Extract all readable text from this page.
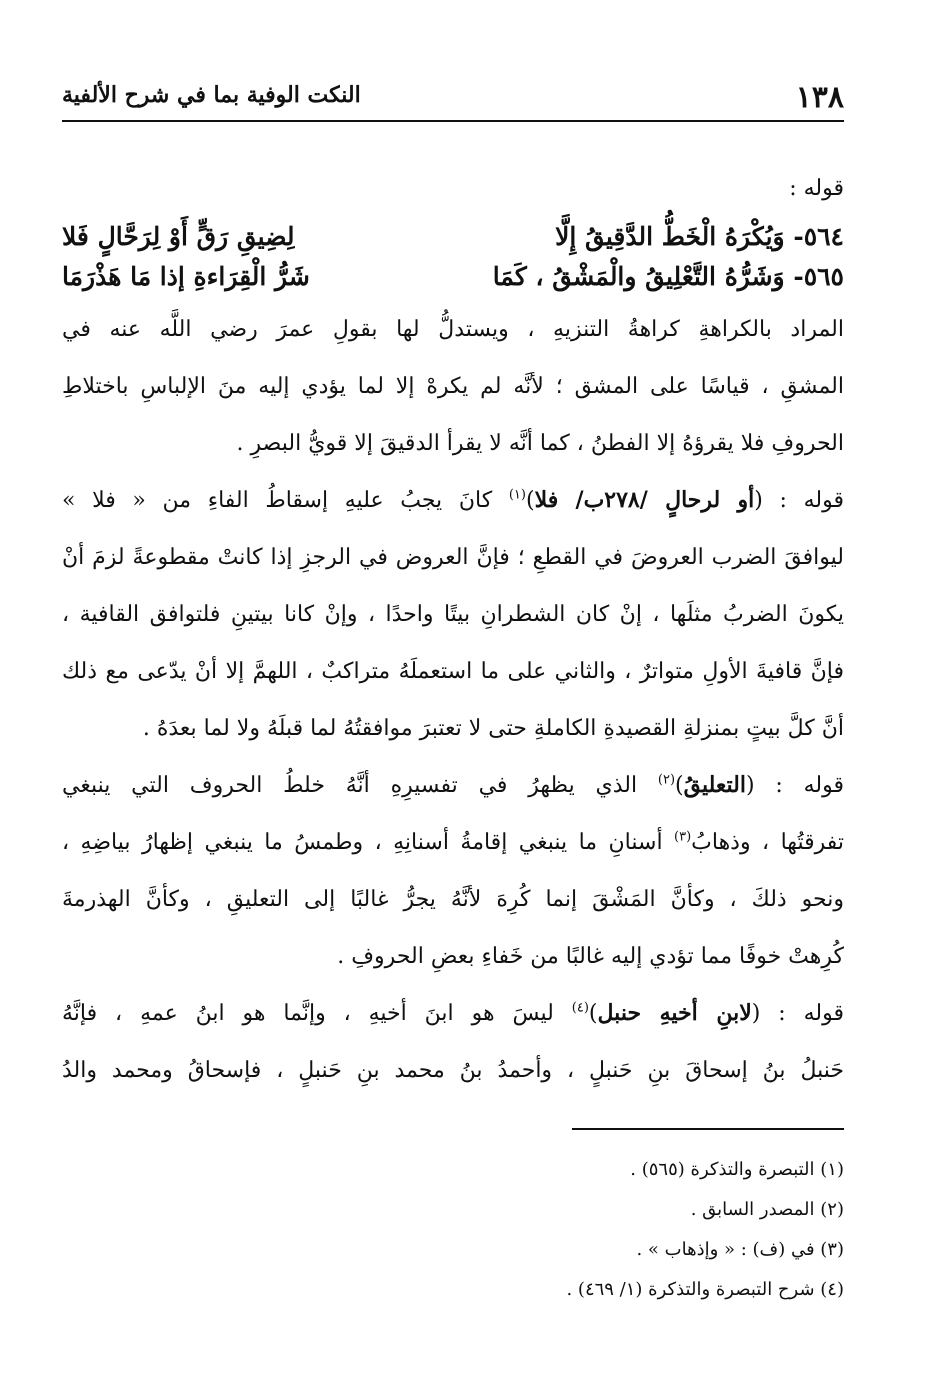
١٣٨
النكت الوفية بما في شرح الألفية
قوله :
٥٦٤- وَيُكْرَهُ الْخَطُّ الدَّقِيقُ إِلَّا
لِضِيقِ رَقٍّ أَوْ لِرَحَّالٍ فَلا
٥٦٥- وَشَرُّهُ التَّعْلِيقُ والْمَشْقُ ، كَمَا
شَرُّ الْقِرَاءةِ إذا مَا هَذْرَمَا
المراد بالكراهةِ كراهةُ التنزيهِ ، ويستدلُّ لها بقولِ عمرَ رضي اللَّه عنه في
المشقِ ، قياسًا على المشق ؛ لأنَّه لم يكرهْ إلا لما يؤدي إليه منَ الإلباسِ باختلاطِ
الحروفِ فلا يقرؤهُ إلا الفطنُ ، كما أنَّه لا يقرأ الدقيقَ إلا قويُّ البصرِ .
قوله : (أو لرحالٍ /٢٧٨ب/ فلا)$^{(١)}$ كانَ يجبُ عليهِ إسقاطُ الفاءِ من « فلا »
ليوافقَ الضرب العروضَ في القطعِ ؛ فإنَّ العروض في الرجزِ إذا كانتْ مقطوعةً لزمَ أنْ
يكونَ الضربُ مثلَها ، إنْ كان الشطرانِ بيتًا واحدًا ، وإنْ كانا بيتينِ فلتوافق القافية ،
فإنَّ قافيةَ الأولِ متواترٌ ، والثاني على ما استعملَهُ متراكبٌ ، اللهمَّ إلا أنْ يدّعى مع ذلك
أنَّ كلَّ بيتٍ بمنزلةِ القصيدةِ الكاملةِ حتى لا تعتبرَ موافقتُهُ لما قبلَهُ ولا لما بعدَهُ .
قوله : (التعليقُ)$^{(٢)}$ الذي يظهرُ في تفسيرِهِ أنَّهُ خلطُ الحروف التي ينبغي
تفرقتُها ، وذهابُ$^{(٣)}$ أسنانِ ما ينبغي إقامةُ أسنانِهِ ، وطمسُ ما ينبغي إظهارُ بياضِهِ ،
ونحو ذلكَ ، وكأنَّ المَشْقَ إنما كُرِهَ لأنَّهُ يجرُّ غالبًا إلى التعليقِ ، وكأنَّ الهذرمةَ
كُرِهتْ خوفًا مما تؤدي إليه غالبًا من خَفاءِ بعضِ الحروفِ .
قوله : (لابنِ أخيهِ حنبل)$^{(٤)}$ ليسَ هو ابنَ أخيهِ ، وإنَّما هو ابنُ عمهِ ، فإنَّهُ
حَنبلُ بنُ إسحاقَ بنِ حَنبلٍ ، وأحمدُ بنُ محمد بنِ حَنبلٍ ، فإسحاقُ ومحمد والدُ
(١) التبصرة والتذكرة (٥٦٥) .
(٢) المصدر السابق .
(٣) في (ف) : « وإذهاب » .
(٤) شرح التبصرة والتذكرة (١/ ٤٦٩) .
